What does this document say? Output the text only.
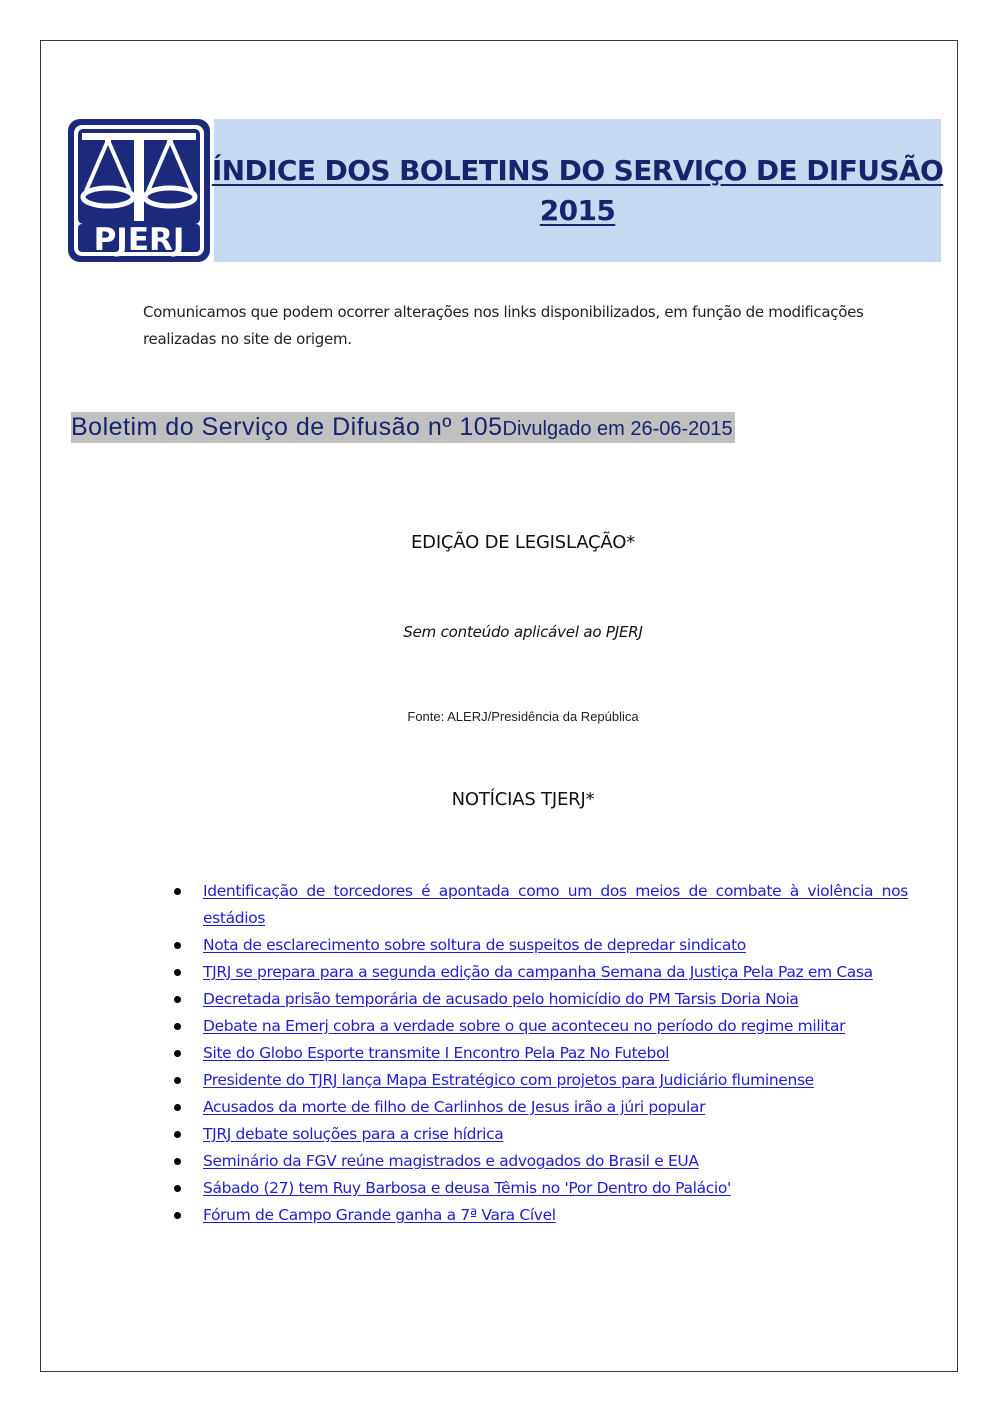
PJERJ
ÍNDICE DOS BOLETINS DO SERVIÇO DE DIFUSÃO
2015
Comunicamos que podem ocorrer alterações nos links disponibilizados, em função de modificações realizadas no site de origem.
Boletim do Serviço de Difusão nº 105 Divulgado em 26-06-2015
EDIÇÃO DE LEGISLAÇÃO*
Sem conteúdo aplicável ao PJERJ
Fonte: ALERJ/Presidência da República
NOTÍCIAS TJERJ*
Identificação de torcedores é apontada como um dos meios de combate à violência nos estádios
Nota de esclarecimento sobre soltura de suspeitos de depredar sindicato
TJRJ se prepara para a segunda edição da campanha Semana da Justiça Pela Paz em Casa
Decretada prisão temporária de acusado pelo homicídio do PM Tarsis Doria Noia
Debate na Emerj cobra a verdade sobre o que aconteceu no período do regime militar
Site do Globo Esporte transmite I Encontro Pela Paz No Futebol
Presidente do TJRJ lança Mapa Estratégico com projetos para Judiciário fluminense
Acusados da morte de filho de Carlinhos de Jesus irão a júri popular
TJRJ debate soluções para a crise hídrica
Seminário da FGV reúne magistrados e advogados do Brasil e EUA
Sábado (27) tem Ruy Barbosa e deusa Têmis no 'Por Dentro do Palácio'
Fórum de Campo Grande ganha a 7ª Vara Cível
